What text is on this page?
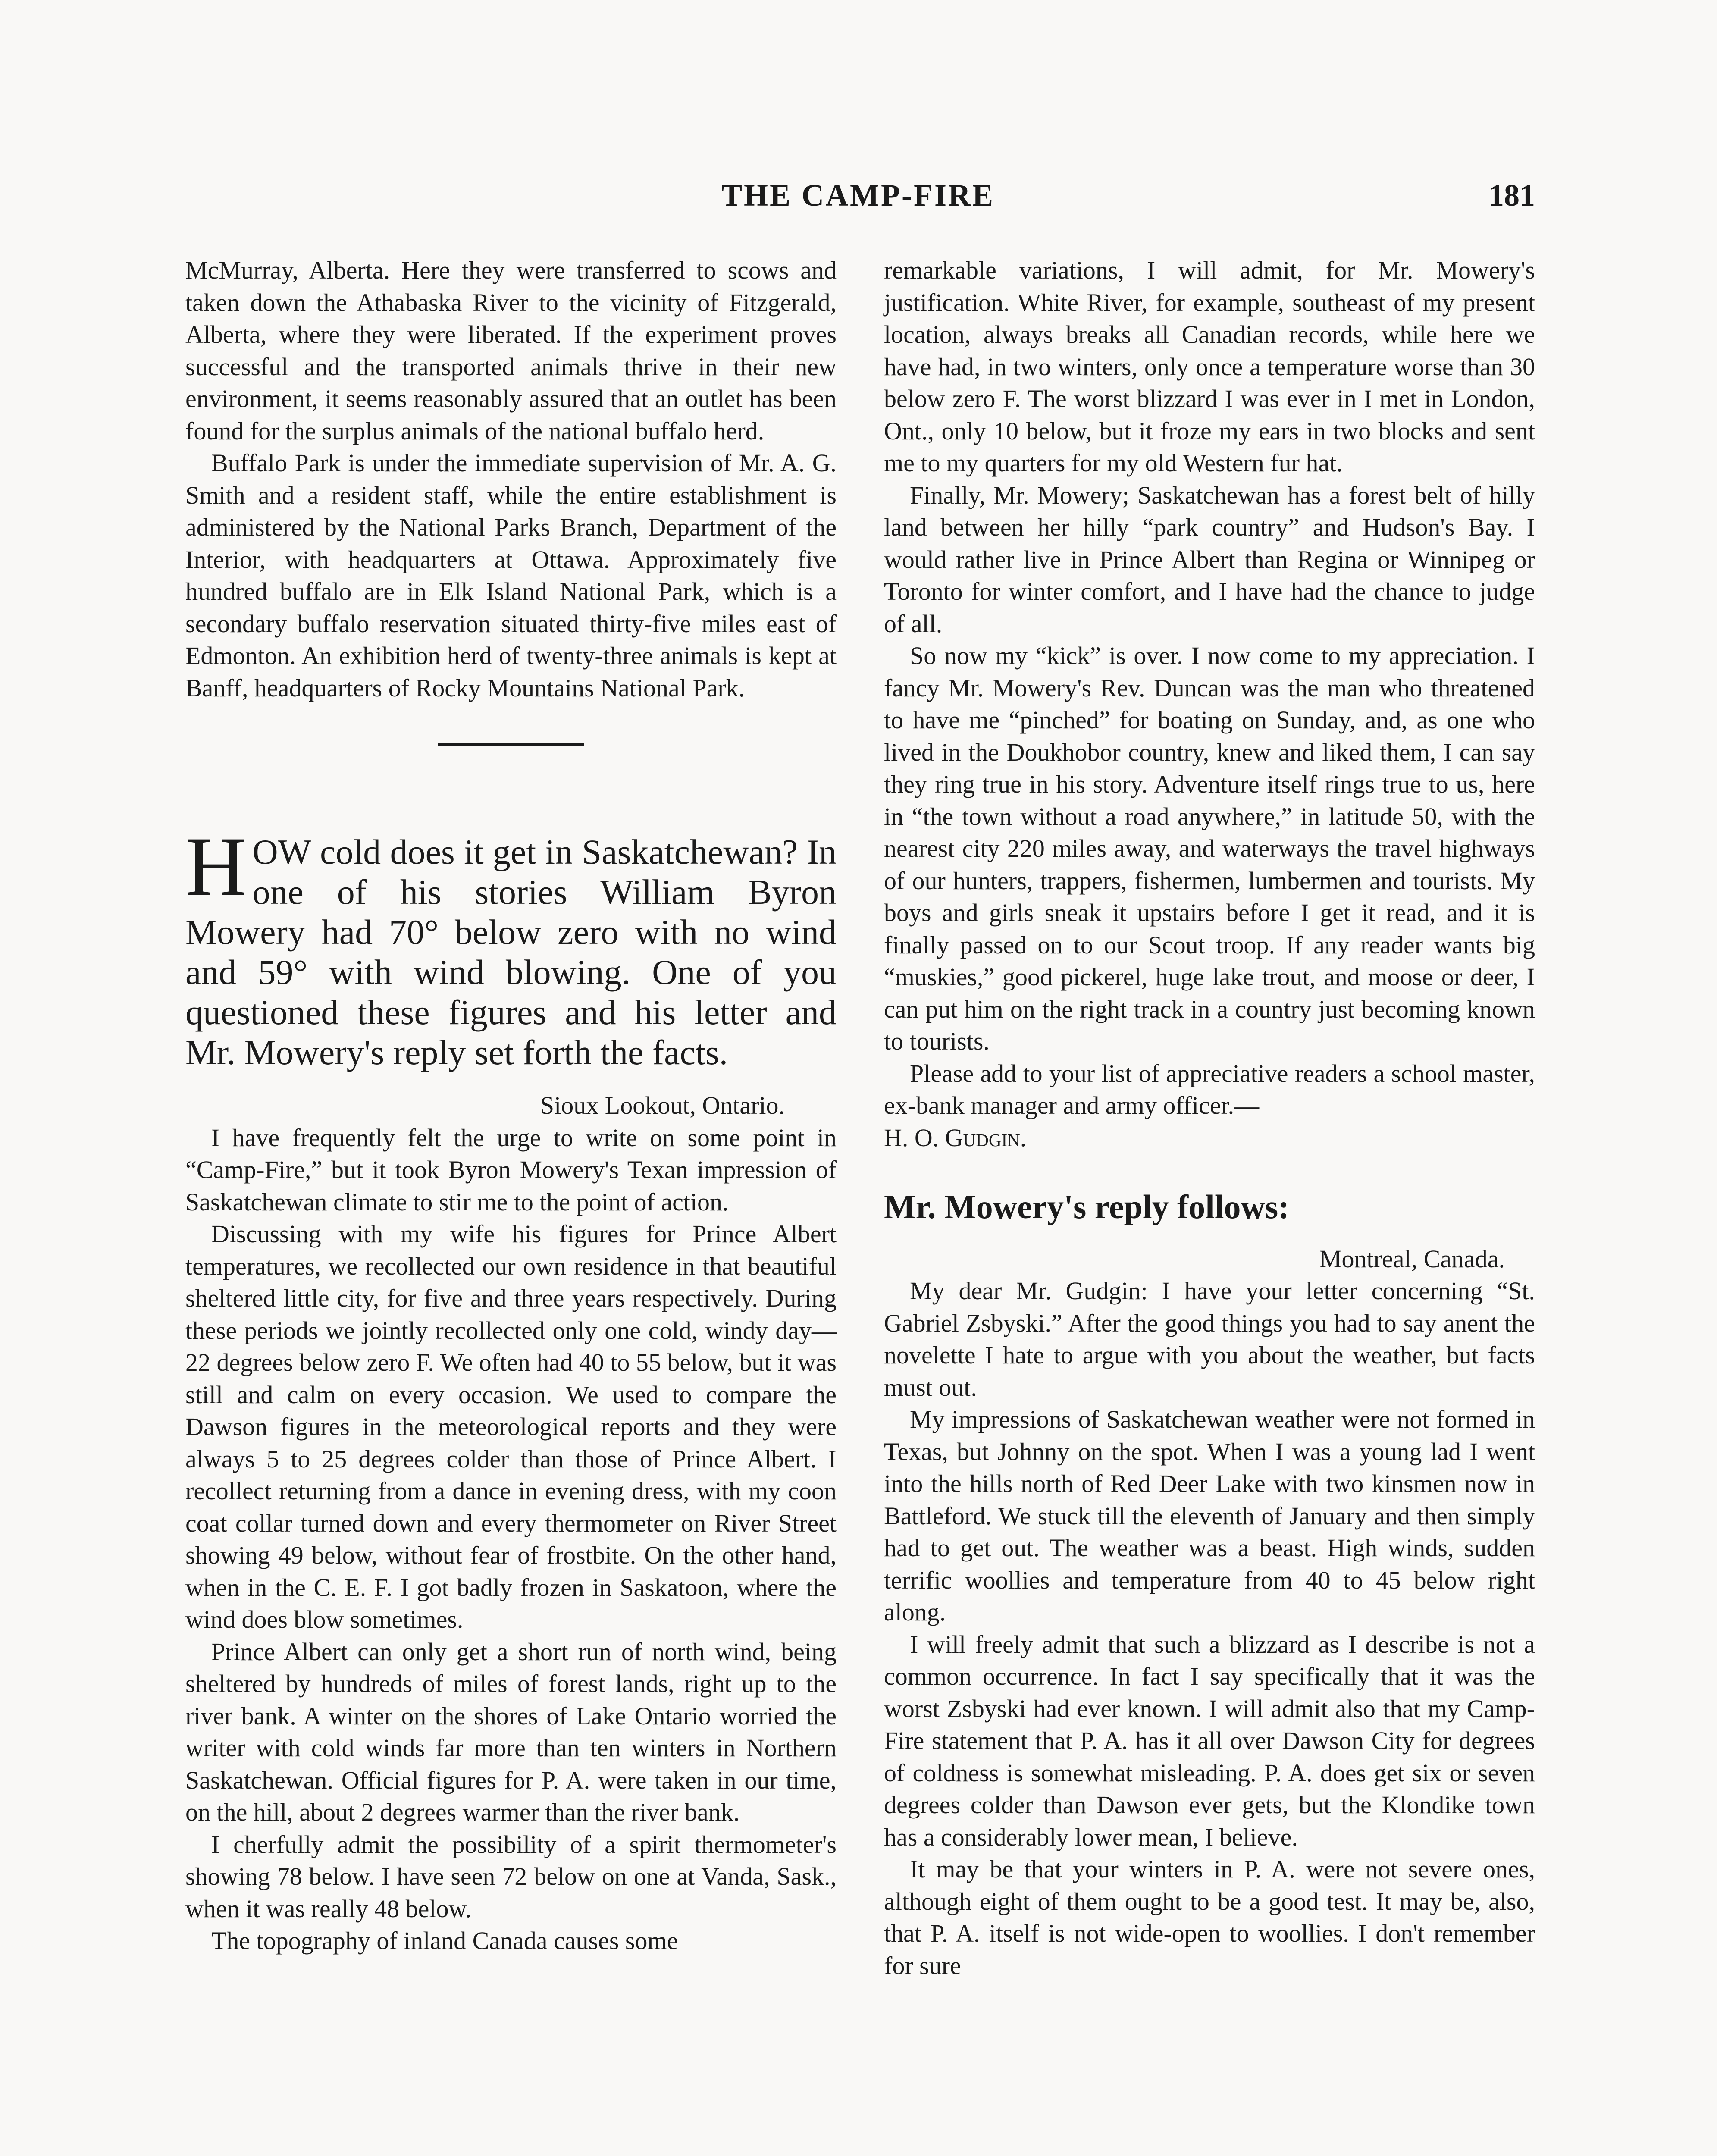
THE CAMP-FIRE	181

McMurray, Alberta. Here they were transferred to scows and taken down the Athabaska River to the vicinity of Fitzgerald, Alberta, where they were liberated. If the experiment proves successful and the transported animals thrive in their new environment, it seems reasonably assured that an outlet has been found for the surplus animals of the national buffalo herd.

Buffalo Park is under the immediate supervision of Mr. A. G. Smith and a resident staff, while the entire establishment is administered by the National Parks Branch, Department of the Interior, with headquarters at Ottawa. Approximately five hundred buffalo are in Elk Island National Park, which is a secondary buffalo reservation situated thirty-five miles east of Edmonton. An exhibition herd of twenty-three animals is kept at Banff, headquarters of Rocky Mountains National Park.

HOW cold does it get in Saskatchewan? In one of his stories William Byron Mowery had 70° below zero with no wind and 59° with wind blowing. One of you questioned these figures and his letter and Mr. Mowery's reply set forth the facts.

Sioux Lookout, Ontario.

I have frequently felt the urge to write on some point in “Camp-Fire,” but it took Byron Mowery's Texan impression of Saskatchewan climate to stir me to the point of action.

Discussing with my wife his figures for Prince Albert temperatures, we recollected our own residence in that beautiful sheltered little city, for five and three years respectively. During these periods we jointly recollected only one cold, windy day—22 degrees below zero F. We often had 40 to 55 below, but it was still and calm on every occasion. We used to compare the Dawson figures in the meteorological reports and they were always 5 to 25 degrees colder than those of Prince Albert. I recollect returning from a dance in evening dress, with my coon coat collar turned down and every thermometer on River Street showing 49 below, without fear of frostbite. On the other hand, when in the C. E. F. I got badly frozen in Saskatoon, where the wind does blow sometimes.

Prince Albert can only get a short run of north wind, being sheltered by hundreds of miles of forest lands, right up to the river bank. A winter on the shores of Lake Ontario worried the writer with cold winds far more than ten winters in Northern Saskatchewan. Official figures for P. A. were taken in our time, on the hill, about 2 degrees warmer than the river bank.

I cherfully admit the possibility of a spirit thermometer's showing 78 below. I have seen 72 below on one at Vanda, Sask., when it was really 48 below.

The topography of inland Canada causes some

remarkable variations, I will admit, for Mr. Mowery's justification. White River, for example, southeast of my present location, always breaks all Canadian records, while here we have had, in two winters, only once a temperature worse than 30 below zero F. The worst blizzard I was ever in I met in London, Ont., only 10 below, but it froze my ears in two blocks and sent me to my quarters for my old Western fur hat.

Finally, Mr. Mowery; Saskatchewan has a forest belt of hilly land between her hilly “park country” and Hudson's Bay. I would rather live in Prince Albert than Regina or Winnipeg or Toronto for winter comfort, and I have had the chance to judge of all.

So now my “kick” is over. I now come to my appreciation. I fancy Mr. Mowery's Rev. Duncan was the man who threatened to have me “pinched” for boating on Sunday, and, as one who lived in the Doukhobor country, knew and liked them, I can say they ring true in his story. Adventure itself rings true to us, here in “the town without a road anywhere,” in latitude 50, with the nearest city 220 miles away, and waterways the travel highways of our hunters, trappers, fishermen, lumbermen and tourists. My boys and girls sneak it upstairs before I get it read, and it is finally passed on to our Scout troop. If any reader wants big “muskies,” good pickerel, huge lake trout, and moose or deer, I can put him on the right track in a country just becoming known to tourists.

Please add to your list of appreciative readers a school master, ex-bank manager and army officer.—

H. O. Gudgin.

Mr. Mowery's reply follows:

Montreal, Canada.

My dear Mr. Gudgin: I have your letter concerning “St. Gabriel Zsbyski.” After the good things you had to say anent the novelette I hate to argue with you about the weather, but facts must out.

My impressions of Saskatchewan weather were not formed in Texas, but Johnny on the spot. When I was a young lad I went into the hills north of Red Deer Lake with two kinsmen now in Battleford. We stuck till the eleventh of January and then simply had to get out. The weather was a beast. High winds, sudden terrific woollies and temperature from 40 to 45 below right along.

I will freely admit that such a blizzard as I describe is not a common occurrence. In fact I say specifically that it was the worst Zsbyski had ever known. I will admit also that my Camp-Fire statement that P. A. has it all over Dawson City for degrees of coldness is somewhat misleading. P. A. does get six or seven degrees colder than Dawson ever gets, but the Klondike town has a considerably lower mean, I believe.

It may be that your winters in P. A. were not severe ones, although eight of them ought to be a good test. It may be, also, that P. A. itself is not wide-open to woollies. I don't remember for sure
